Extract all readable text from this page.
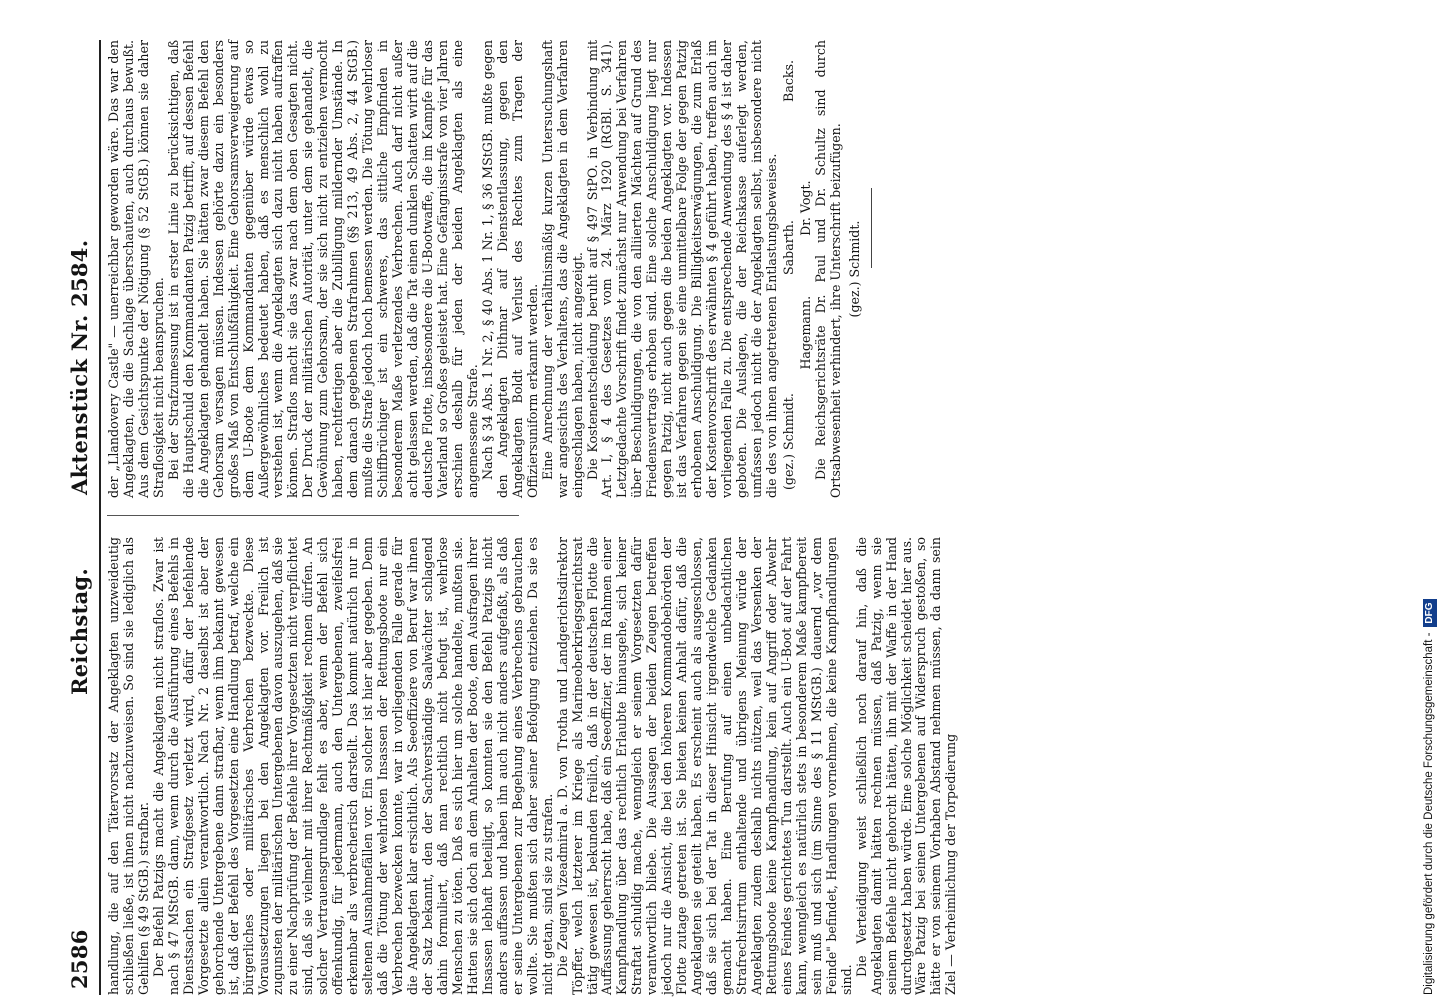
2586
Reichstag.
Aktenstück Nr. 2584.

handlung, die auf den Tätervorsatz der Angeklagten unzweideutig schließen ließe, ist ihnen nicht nachzuweisen. So sind sie lediglich als Gehilfen (§ 49 StGB.) strafbar. Der Befehl Patzigs macht die Angeklagten nicht straflos. Zwar ist nach § 47 MStGB. dann, wenn durch die Ausführung eines Befehls in Dienstsachen ein Strafgesetz verletzt wird, dafür der befehlende Vorgesetzte allein verantwortlich. Nach Nr. 2 daselbst ist aber der gehorchende Untergebene dann strafbar, wenn ihm bekannt gewesen ist, daß der Befehl des Vorgesetzten eine Handlung betraf, welche ein bürgerliches oder militärisches Verbrechen bezweckte. Diese Voraussetzungen liegen bei den Angeklagten vor. Freilich ist zugunsten der militärischen Untergebenen davon auszugehen, daß sie zu einer Nachprüfung der Befehle ihrer Vorgesetzten nicht verpflichtet sind, daß sie vielmehr mit ihrer Rechtmäßigkeit rechnen dürfen. An solcher Vertrauensgrundlage fehlt es aber, wenn der Befehl sich offenkundig, für jedermann, auch den Untergebenen, zweifelsfrei erkennbar als verbrecherisch darstellt. Das kommt natürlich nur in seltenen Ausnahmefällen vor. Ein solcher ist hier aber gegeben. Denn daß die Tötung der wehrlosen Insassen der Rettungsboote nur ein Verbrechen bezwecken konnte, war in vorliegenden Falle gerade für die Angeklagten klar ersichtlich. Als Seeoffiziere von Beruf war ihnen der Satz bekannt, den der Sachverständige Saalwächter schlagend dahin formuliert, daß man rechtlich nicht befugt ist, wehrlose Menschen zu töten. Daß es sich hier um solche handelte, mußten sie. Hatten sie sich doch an dem Anhalten der Boote, dem Ausfragen ihrer Insassen lebhaft beteiligt, so konnten sie den Befehl Patzigs nicht anders auffassen und haben ihn auch nicht anders aufgefaßt, als daß er seine Untergebenen zur Begehung eines Verbrechens gebrauchen wollte. Sie mußten sich daher seiner Befolgung entziehen. Da sie es nicht getan, sind sie zu strafen. Die Zeugen Vizeadmiral a. D. von Trotha und Landgerichtsdirektor Töpffer, welch letzterer im Kriege als Marineoberkriegsgerichtsrat tätig gewesen ist, bekunden freilich, daß in der deutschen Flotte die Auffassung geherrscht habe, daß ein Seeoffizier, der im Rahmen einer Kampfhandlung über das rechtlich Erlaubte hinausgehe, sich keiner Straftat schuldig mache, wenngleich er seinem Vorgesetzten dafür verantwortlich bliebe. Die Aussagen der beiden Zeugen betreffen jedoch nur die Ansicht, die bei den höheren Kommandobehörden der Flotte zutage getreten ist. Sie bieten keinen Anhalt dafür, daß die Angeklagten sie geteilt haben. Es erscheint auch als ausgeschlossen, daß sie sich bei der Tat in dieser Hinsicht irgendwelche Gedanken gemacht haben. Eine Berufung auf einen unbedachtlichen Strafrechtsirrtum enthaltende und übrigens Meinung würde der Angeklagten zudem deshalb nichts nützen, weil das Versenken der Rettungsboote keine Kampfhandlung, kein auf Angriff oder Abwehr eines Feindes gerichtetes Tun darstellt. Auch ein U-Boot auf der Fahrt kann, wenngleich es natürlich stets in besonderem Maße kampfbereit sein muß und sich (im Sinne des § 11 MStGB.) dauernd „vor dem Feinde" befindet, Handlungen vornehmen, die keine Kampfhandlungen sind.

Die Verteidigung weist schließlich noch darauf hin, daß die Angeklagten damit hätten rechnen müssen, daß Patzig, wenn sie seinem Befehle nicht gehorcht hätten, ihn mit der Waffe in der Hand durchgesetzt haben würde. Eine solche Möglichkeit scheidet hier aus. Wäre Patzig bei seinen Untergebenen auf Widerspruch gestoßen, so hätte er von seinem Vorhaben Abstand nehmen müssen, da dann sein Ziel — Verheimlichung der Torpedierung

der „Llandovery Castle" — unerreichbar geworden wäre. Das war den Angeklagten, die die Sachlage überschauten, auch durchaus bewußt. Aus dem Gesichtspunkte der Nötigung (§ 52 StGB.) können sie daher Straflosigkeit nicht beanspruchen. Bei der Strafzumessung ist in erster Linie zu berücksichtigen, daß die Hauptschuld den Kommandanten Patzig betrifft, auf dessen Befehl die Angeklagten gehandelt haben. Sie hätten zwar diesem Befehl den Gehorsam versagen müssen. Indessen gehörte dazu ein besonders großes Maß von Entschlußfähigkeit. Eine Gehorsamsverweigerung auf dem U-Boote dem Kommandanten gegenüber würde etwas so Außergewöhnliches bedeutet haben, daß es menschlich wohl zu verstehen ist, wenn die Angeklagten sich dazu nicht haben aufraffen können. Straflos macht sie das zwar nach dem oben Gesagten nicht. Der Druck der militärischen Autorität, unter dem sie gehandelt, die Gewöhnung zum Gehorsam, der sie sich nicht zu entziehen vermocht haben, rechtfertigen aber die Zubilligung mildernder Umstände. In dem danach gegebenen Strafrahmen (§§ 213, 49 Abs. 2, 44 StGB.) mußte die Strafe jedoch hoch bemessen werden. Die Tötung wehrloser Schiffbrüchiger ist ein schweres, das sittliche Empfinden in besonderem Maße verletzendes Verbrechen. Auch darf nicht außer acht gelassen werden, daß die Tat einen dunklen Schatten wirft auf die deutsche Flotte, insbesondere die U-Bootwaffe, die im Kampfe für das Vaterland so Großes geleistet hat. Eine Gefängnisstrafe von vier Jahren erschien deshalb für jeden der beiden Angeklagten als eine angemessene Strafe. Nach § 34 Abs. 1 Nr. 2, § 40 Abs. 1 Nr. 1, § 36 MStGB. mußte gegen den Angeklagten Dithmar auf Dienstentlassung, gegen den Angeklagten Boldt auf Verlust des Rechtes zum Tragen der Offiziersuniform erkannt werden. Eine Anrechnung der verhältnismäßig kurzen Untersuchungshaft war angesichts des Verhaltens, das die Angeklagten in dem Verfahren eingeschlagen haben, nicht angezeigt. Die Kostenentscheidung beruht auf § 497 StPO. in Verbindung mit Art. I, § 4 des Gesetzes vom 24. März 1920 (RGBl. S. 341). Letztgedachte Vorschrift findet zunächst nur Anwendung bei Verfahren über Beschuldigungen, die von den alliierten Mächten auf Grund des Friedensvertrags erhoben sind. Eine solche Anschuldigung liegt nur gegen Patzig, nicht auch gegen die beiden Angeklagten vor. Indessen ist das Verfahren gegen sie eine unmittelbare Folge der gegen Patzig erhobenen Anschuldigung. Die Billigkeitserwägungen, die zum Erlaß der Kostenvorschrift des erwähnten § 4 geführt haben, treffen auch im vorliegenden Falle zu. Die entsprechende Anwendung des § 4 ist daher geboten. Die Auslagen, die der Reichskasse auferlegt werden, umfassen jedoch nicht die der Angeklagten selbst, insbesondere nicht die des von ihnen angetretenen Entlastungsbeweises. (gez.) Schmidt.
Sabarth.
Backs.
Hagemann.
Dr. Vogt. Die Reichsgerichtsräte Dr. Paul und Dr. Schultz sind durch Ortsabwesenheit verhindert, ihre Unterschrift beizufügen. (gez.) Schmidt.

Digitalisierung gefördert durch die Deutsche Forschungsgemeinschaft -DFG
